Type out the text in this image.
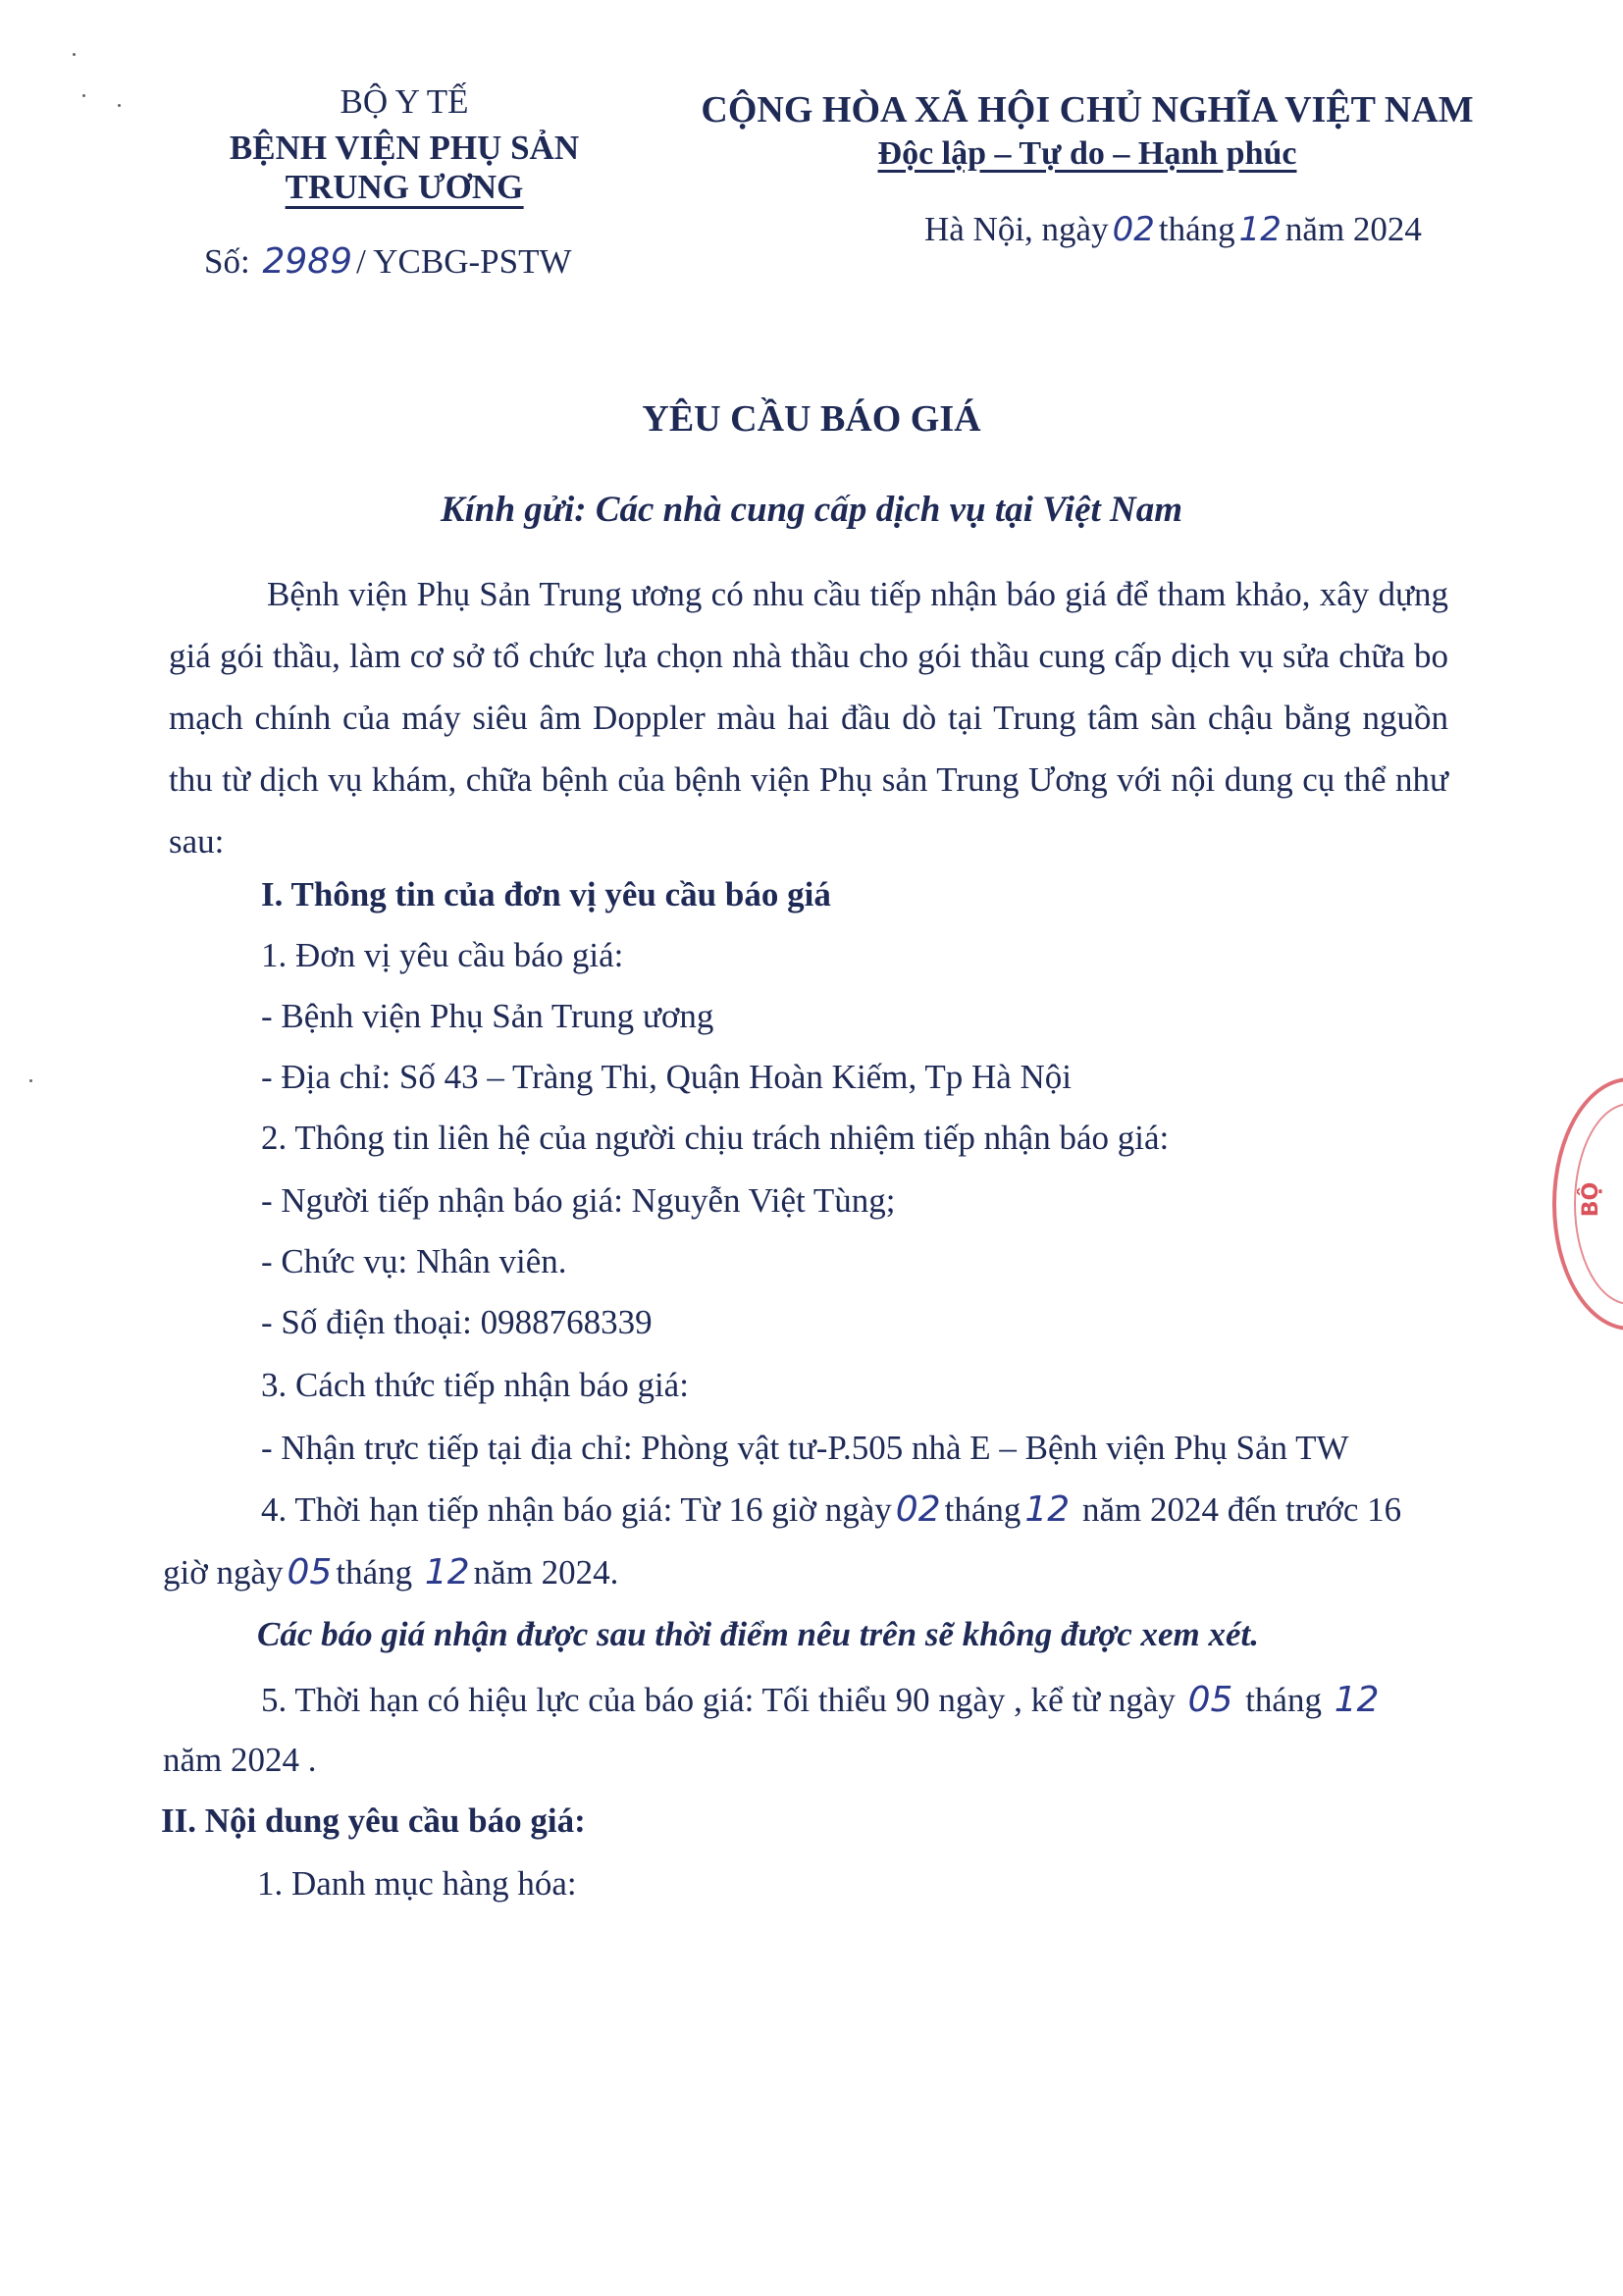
BỘ Y TẾ
BỆNH VIỆN PHỤ SẢN
TRUNG ƯƠNG
Số: 2989 / YCBG-PSTW
CỘNG HÒA XÃ HỘI CHỦ NGHĨA VIỆT NAM
Độc lập – Tự do – Hạnh phúc
Hà Nội, ngày 02 tháng 12 năm 2024
YÊU CẦU BÁO GIÁ
Kính gửi: Các nhà cung cấp dịch vụ tại Việt Nam
Bệnh viện Phụ Sản Trung ương có nhu cầu tiếp nhận báo giá để tham khảo, xây dựng giá gói thầu, làm cơ sở tổ chức lựa chọn nhà thầu cho gói thầu cung cấp dịch vụ sửa chữa bo mạch chính của máy siêu âm Doppler màu hai đầu dò tại Trung tâm sàn chậu bằng nguồn thu từ dịch vụ khám, chữa bệnh của bệnh viện Phụ sản Trung Ương với nội dung cụ thể như sau:
I. Thông tin của đơn vị yêu cầu báo giá
1. Đơn vị yêu cầu báo giá:
- Bệnh viện Phụ Sản Trung ương
- Địa chỉ: Số 43 – Tràng Thi, Quận Hoàn Kiếm, Tp Hà Nội
2. Thông tin liên hệ của người chịu trách nhiệm tiếp nhận báo giá:
- Người tiếp nhận báo giá: Nguyễn Việt Tùng;
- Chức vụ: Nhân viên.
- Số điện thoại: 0988768339
3. Cách thức tiếp nhận báo giá:
- Nhận trực tiếp tại địa chỉ: Phòng vật tư-P.505 nhà E – Bệnh viện Phụ Sản TW
4. Thời hạn tiếp nhận báo giá: Từ 16 giờ ngày 02 tháng 12 năm 2024 đến trước 16
giờ ngày 05 tháng 12 năm 2024.
Các báo giá nhận được sau thời điểm nêu trên sẽ không được xem xét.
5. Thời hạn có hiệu lực của báo giá: Tối thiểu 90 ngày , kể từ ngày 05 tháng 12
năm 2024 .
II. Nội dung yêu cầu báo giá:
1. Danh mục hàng hóa:
BỘ
